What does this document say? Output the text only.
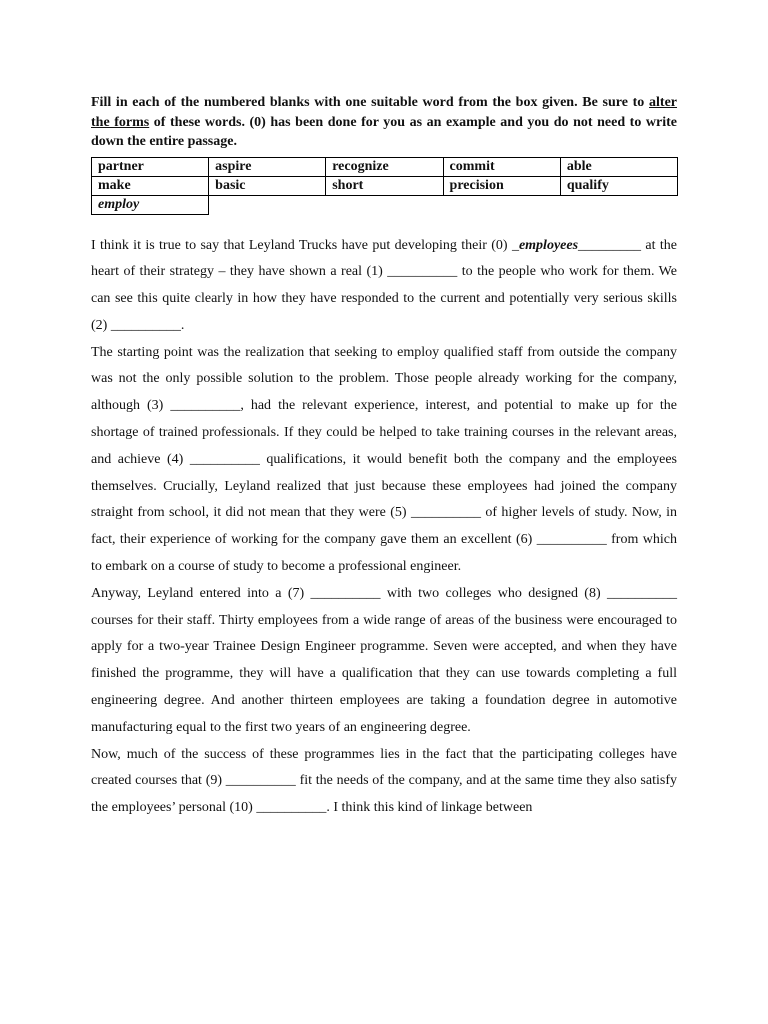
Fill in each of the numbered blanks with one suitable word from the box given. Be sure to alter the forms of these words. (0) has been done for you as an example and you do not need to write down the entire passage.

partner	aspire	recognize	commit	able
make	basic	short	precision	qualify
employ				

I think it is true to say that Leyland Trucks have put developing their (0) _employees_________ at the heart of their strategy – they have shown a real (1) __________ to the people who work for them. We can see this quite clearly in how they have responded to the current and potentially very serious skills (2) __________.

The starting point was the realization that seeking to employ qualified staff from outside the company was not the only possible solution to the problem. Those people already working for the company, although (3) __________, had the relevant experience, interest, and potential to make up for the shortage of trained professionals. If they could be helped to take training courses in the relevant areas, and achieve (4) __________ qualifications, it would benefit both the company and the employees themselves. Crucially, Leyland realized that just because these employees had joined the company straight from school, it did not mean that they were (5) __________ of higher levels of study. Now, in fact, their experience of working for the company gave them an excellent (6) __________ from which to embark on a course of study to become a professional engineer.

Anyway, Leyland entered into a (7) __________ with two colleges who designed (8) __________ courses for their staff. Thirty employees from a wide range of areas of the business were encouraged to apply for a two-year Trainee Design Engineer programme. Seven were accepted, and when they have finished the programme, they will have a qualification that they can use towards completing a full engineering degree. And another thirteen employees are taking a foundation degree in automotive manufacturing equal to the first two years of an engineering degree.

Now, much of the success of these programmes lies in the fact that the participating colleges have created courses that (9) __________ fit the needs of the company, and at the same time they also satisfy the employees’ personal (10) __________. I think this kind of linkage between
